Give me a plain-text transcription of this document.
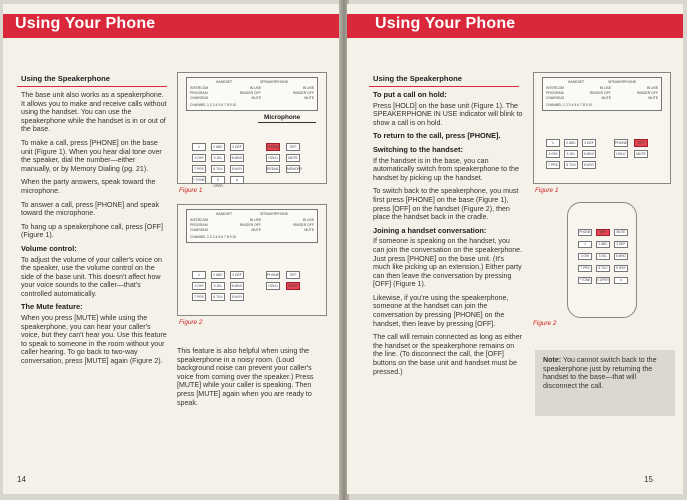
Using Your Phone
Using the Speakerphone

The base unit also works as a speakerphone. It allows you to make and receive calls without using the handset. You can use the speakerphone while the handset is in or out of the base.

To make a call, press [PHONE] on the base unit (Figure 1). When you hear dial tone over the speaker, dial the number—either manually, or by Memory Dialing (pg. 21).

When the party answers, speak toward the microphone.

To answer a call, press [PHONE] and speak toward the microphone.

To hang up a speakerphone call, press [OFF] (Figure 1).

Volume control:

To adjust the volume of your caller's voice on the speaker, use the volume control on the side of the base unit. This doesn't affect how your voice sounds to the caller—that's controlled automatically.

The Mute feature:

When you press [MUTE] while using the speakerphone, you can hear your caller's voice, but they can't hear you. Use this feature to speak to someone in the room without your caller hearing. To go back to two-way conversation, press [MUTE] again (Figure 2).

This feature is also helpful when using the speakerphone in a noisy room. (Loud background noise can prevent your caller's voice from coming over the speaker.) Press [MUTE] while your caller is speaking. Then press [MUTE] again when you are ready to speak.

HANDSET	SPEAKERPHONE
INTERCOM	IN USE	IN USE
PROGRAM	RINGER OFF	RINGER OFF
CHARGING	MUTE	MUTE
CHANNEL 1 2 3 4 5 6 7 8 9 10
Microphone
1	2 ABC	3 DEF
4 GHI	5 JKL	6 MNO
7 PRS	8 TUV	9 WXY
* TONE	0 OPER
#
PHONE	OFF
HOLD	MUTE
REDIAL MEMORY
Figure 1
HANDSET	SPEAKERPHONE
INTERCOM	IN USE	IN USE
PROGRAM	RINGER OFF	RINGER OFF
CHARGING	MUTE	MUTE
CHANNEL 1 2 3 4 5 6 7 8 9 10
1	2 ABC	3 DEF
4 GHI	5 JKL	6 MNO
7 PRS	8 TUV	9 WXY
PHONE	OFF
HOLD	MUTE
Figure 2
14
Using Your Phone
Using the Speakerphone
To put a call on hold:

Press [HOLD] on the base unit (Figure 1). The SPEAKERPHONE IN USE indicator will blink to show a call is on hold.

To return to the call, press [PHONE].
Switching to the handset:

If the handset is in the base, you can automatically switch from speakerphone to the handset by picking up the handset.

To switch back to the speakerphone, you must first press [PHONE] on the base (Figure 1), press [OFF] on the handset (Figure 2), then place the handset back in the cradle.

Joining a handset conversation:

If someone is speaking on the handset, you can join the conversation on the speakerphone. Just press [PHONE] on the base unit. (It's much like picking up an extension.) Either party can then leave the conversation by pressing [OFF] (Figure 1).

Likewise, if you're using the speakerphone, someone at the handset can join the conversation by pressing [PHONE] on the handset, then leave by pressing [OFF].

The call will remain connected as long as either the handset or the speakerphone remains on the line. (To disconnect the call, the [OFF] buttons on the base unit and handset must be pressed.)

HANDSET	SPEAKERPHONE
INTERCOM	IN USE	IN USE
PROGRAM	RINGER OFF	RINGER OFF
CHARGING	MUTE	MUTE
CHANNEL 1 2 3 4 5 6 7 8 9 10
1	2 ABC	3 DEF
4 GHI	5 JKL	6 MNO
7 PRS	8 TUV	9 WXY
PHONE	OFF
HOLD	MUTE
Figure 1
PHONE	OFF	MUTE
1	2 ABC	3 DEF
4 GHI	5 JKL	6 MNO
7 PRS	8 TUV	9 WXY
* TONE	0 OPER	#
Figure 2
Note: You cannot switch back to the speakerphone just by returning the handset to the base—that will disconnect the call.
15
